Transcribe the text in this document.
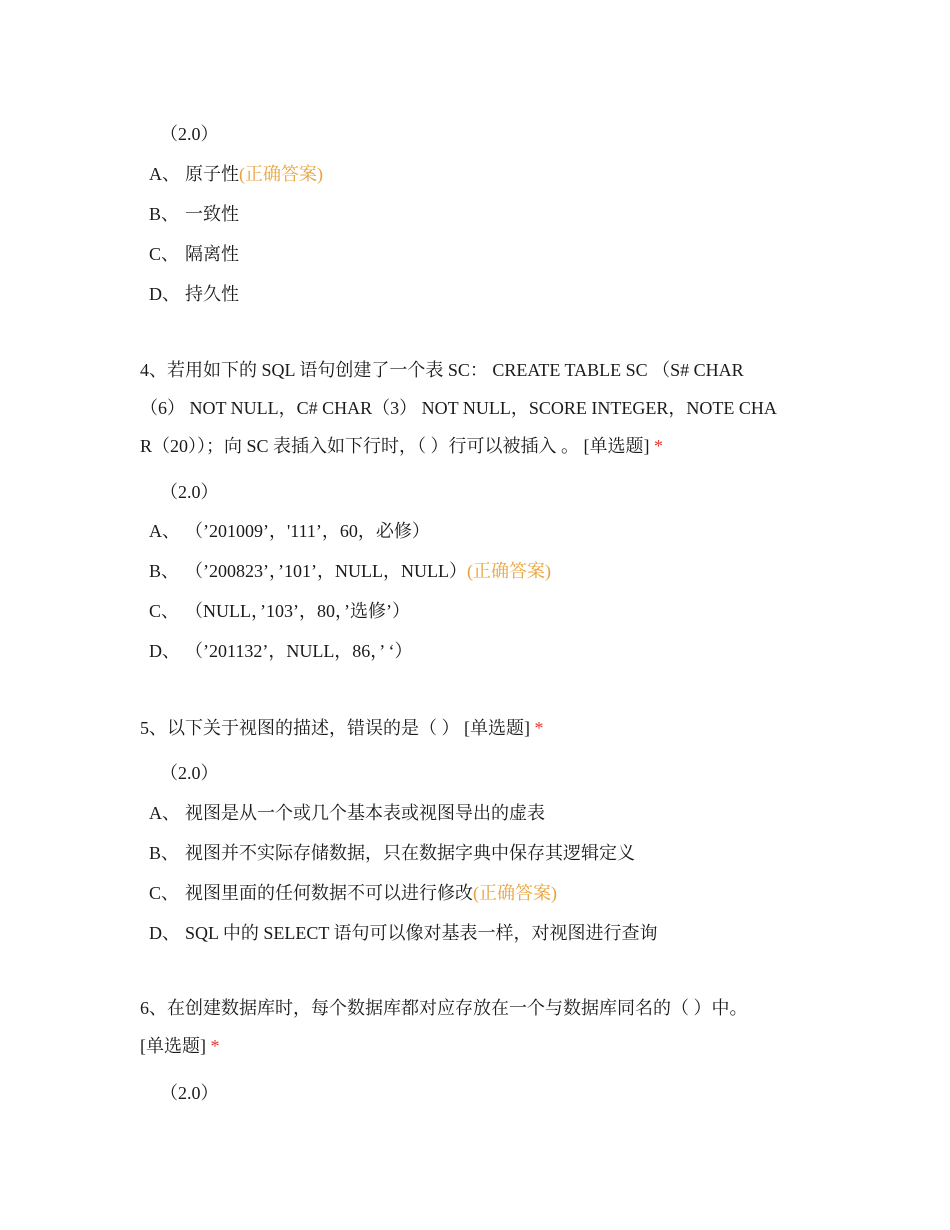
（2.0）
A、 原子性(正确答案)
B、 一致性
C、 隔离性
D、 持久性
4、若用如下的 SQL 语句创建了一个表 SC： CREATE TABLE SC （S# CHAR
（6） NOT NULL，C# CHAR（3） NOT NULL，SCORE INTEGER，NOTE CHA
R（20））；向 SC 表插入如下行时，（ ）行可以被插入 。 [单选题] *
（2.0）
A、 （’201009’，'111’，60，必修）
B、 （’200823’，’101’，NULL，NULL）(正确答案)
C、 （NULL，’103’，80，’选修’）
D、 （’201132’，NULL，86，’ ‘）
5、以下关于视图的描述，错误的是（ ） [单选题] *
（2.0）
A、 视图是从一个或几个基本表或视图导出的虚表
B、 视图并不实际存储数据，只在数据字典中保存其逻辑定义
C、 视图里面的任何数据不可以进行修改(正确答案)
D、 SQL 中的 SELECT 语句可以像对基表一样，对视图进行查询
6、在创建数据库时，每个数据库都对应存放在一个与数据库同名的（ ）中。
[单选题] *
（2.0）
